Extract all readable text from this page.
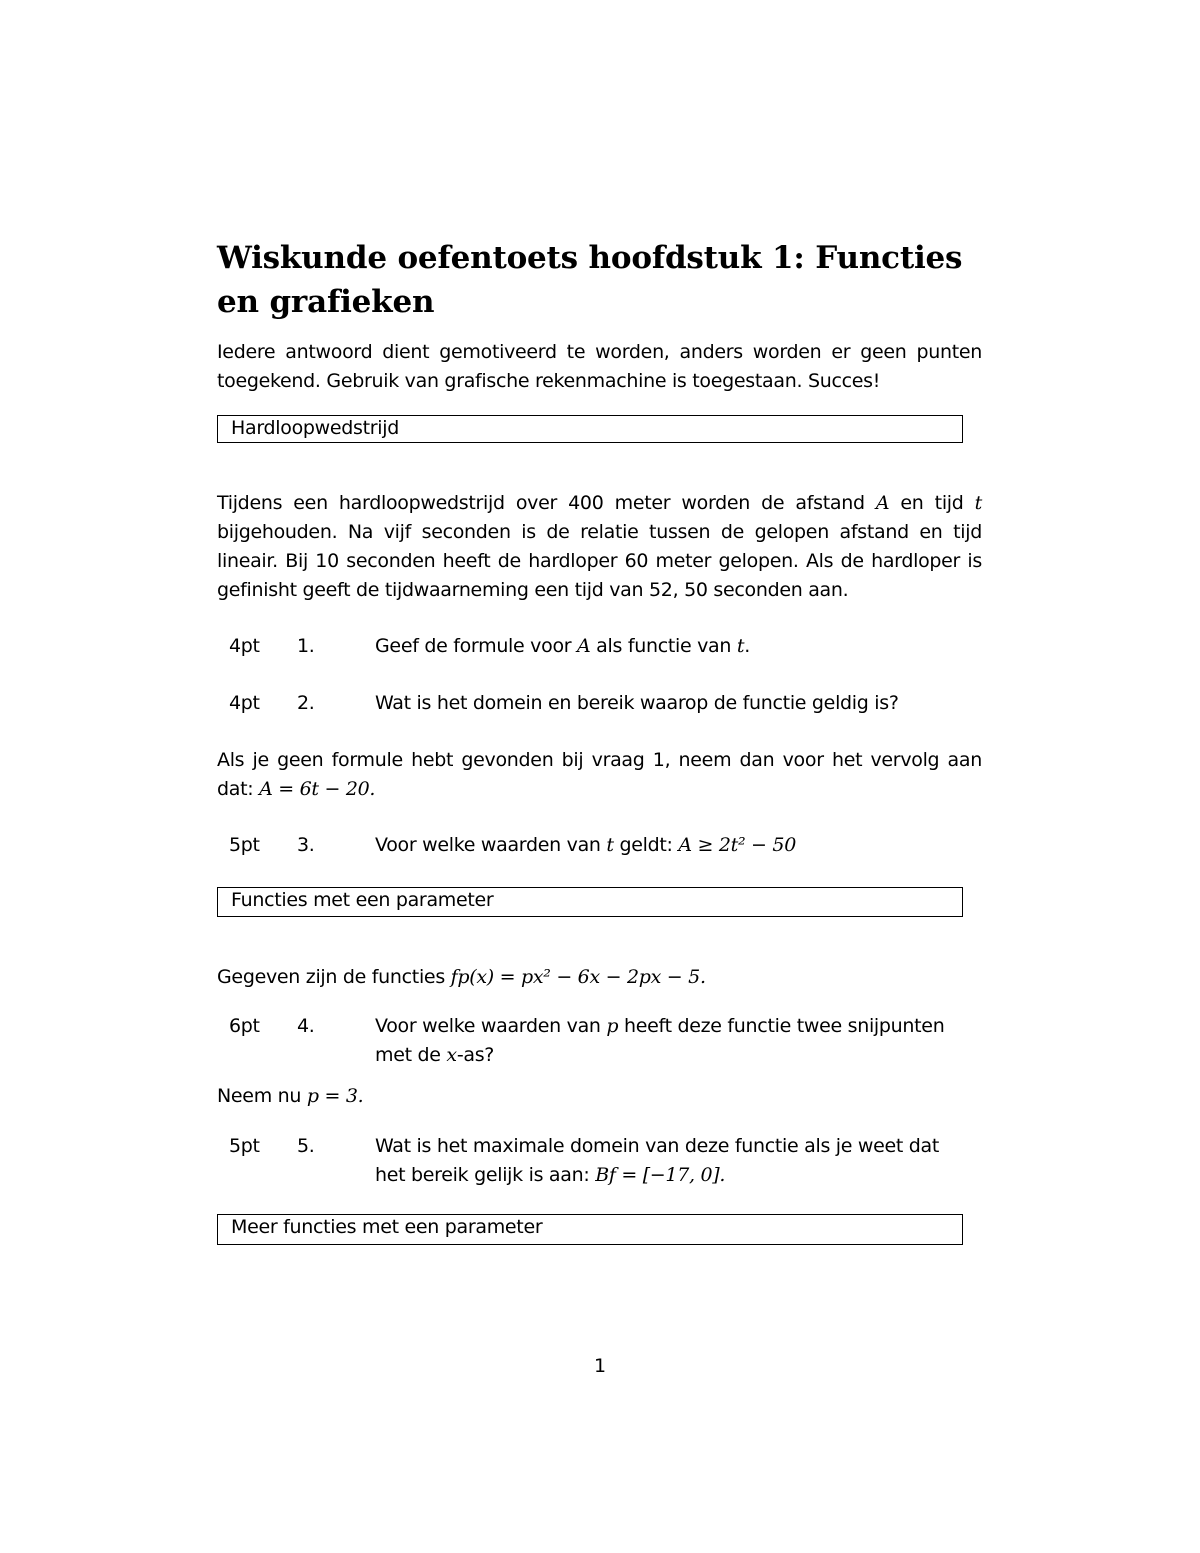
Wiskunde oefentoets hoofdstuk 1: Functies en grafieken
Iedere antwoord dient gemotiveerd te worden, anders worden er geen punten toegekend. Gebruik van grafische rekenmachine is toegestaan. Succes!
Hardloopwedstrijd
Tijdens een hardloopwedstrijd over 400 meter worden de afstand A en tijd t bijgehouden. Na vijf seconden is de relatie tussen de gelopen afstand en tijd lineair. Bij 10 seconden heeft de hardloper 60 meter gelopen. Als de hardloper is gefinisht geeft de tijdwaarneming een tijd van 52, 50 seconden aan.
4pt	1.	Geef de formule voor A als functie van t.
4pt	2.	Wat is het domein en bereik waarop de functie geldig is?
Als je geen formule hebt gevonden bij vraag 1, neem dan voor het vervolg aan dat: A = 6t − 20.
5pt	3.	Voor welke waarden van t geldt: A ≥ 2t² − 50
Functies met een parameter
Gegeven zijn de functies fp(x) = px² − 6x − 2px − 5.
6pt	4.	Voor welke waarden van p heeft deze functie twee snijpunten met de x-as?
Neem nu p = 3.
5pt	5.	Wat is het maximale domein van deze functie als je weet dat het bereik gelijk is aan: Bf = [−17, 0].
Meer functies met een parameter
1
